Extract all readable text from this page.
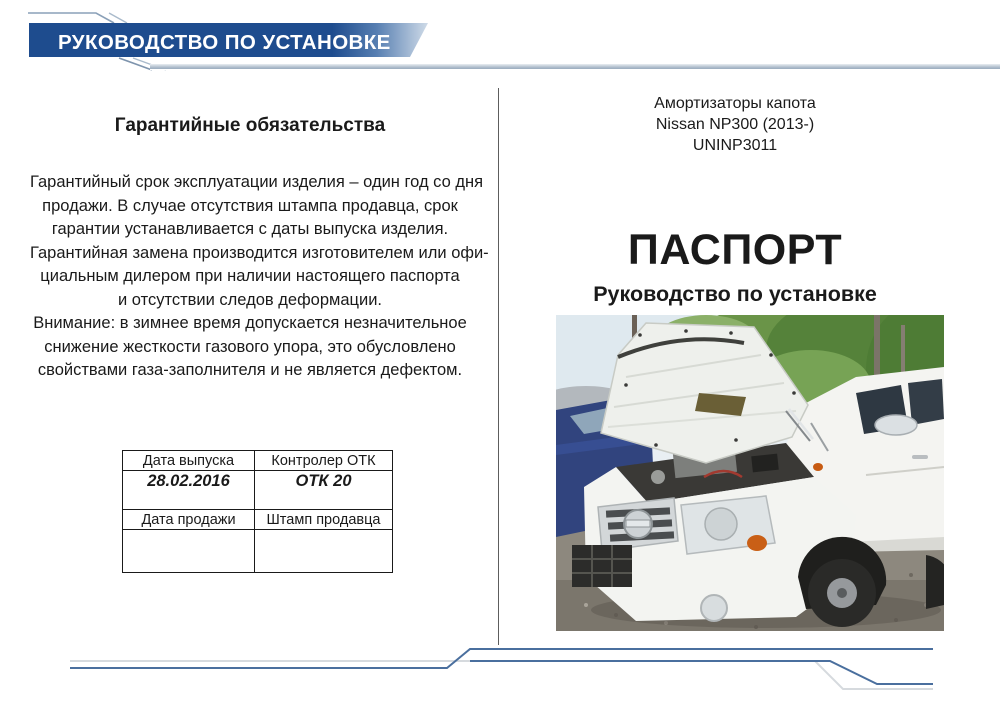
РУКОВОДСТВО ПО УСТАНОВКЕ
Гарантийные обязательства
Гарантийный срок эксплуатации изделия – один год со дня
продажи. В случае отсутствия штампа продавца, срок
гарантии устанавливается с даты выпуска изделия.
Гарантийная замена производится изготовителем или офи-
циальным дилером при наличии настоящего паспорта
и отсутствии следов деформации.
Внимание: в зимнее время допускается незначительное
снижение жесткости газового упора, это обусловлено
свойствами газа-заполнителя и не является дефектом.
Дата выпуска	Контролер ОТК
28.02.2016	ОТК 20
Дата продажи	Штамп продавца

Амортизаторы капота
Nissan NP300 (2013-)
UNINP3011
ПАСПОРТ
Руководство по установке
